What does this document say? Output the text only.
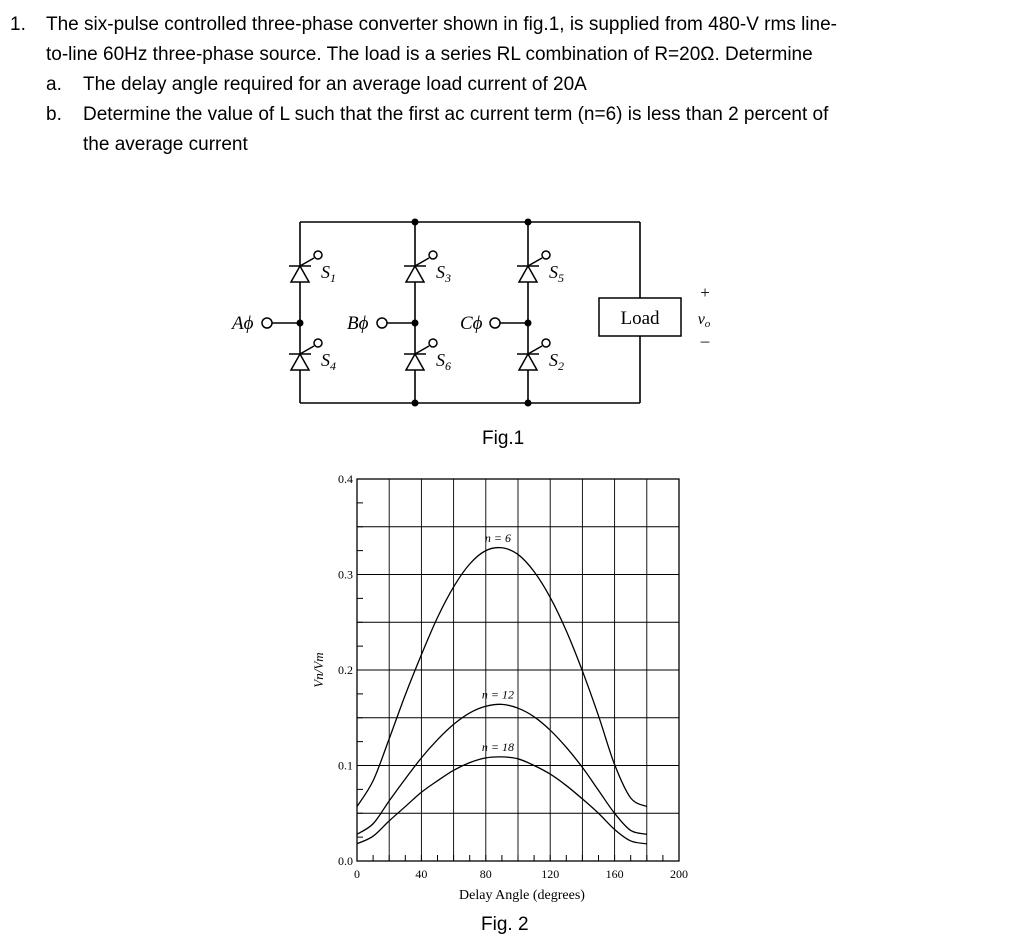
1. The six-pulse controlled three-phase converter shown in fig.1, is supplied from 480-V rms line-
to-line 60Hz three-phase source. The load is a series RL combination of R=20Ω. Determine
a. The delay angle required for an average load current of 20A
b. Determine the value of L such that the first ac current term (n=6) is less than 2 percent of
the average current
$S_1$	$S_3$	$S_5$
$S_4$	$S_6$	$S_2$
Aϕ	Bϕ	Cϕ	Load
+
vo
–
Fig.1
0	40	80	120	160	200
0.0
0.1
0.2
0.3
0.4
Delay Angle (degrees)
Vn/Vm
n = 6
n = 12
n = 18
Fig. 2
